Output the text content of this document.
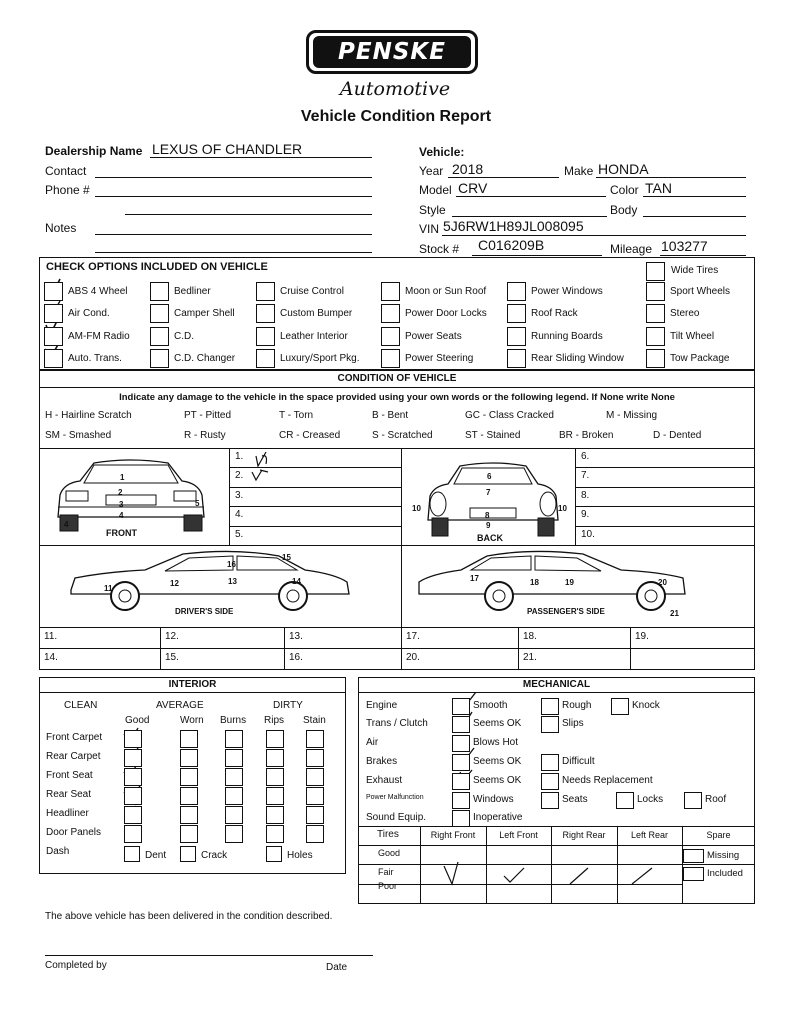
PENSKE
Automotive
Vehicle Condition Report
Dealership Name LEXUS OF CHANDLER
Contact
Phone #
Notes
Vehicle:
Year 2018	Make HONDA
Model CRV	Color TAN
Style	Body
VIN 5J6RW1H89JL008095
Stock # C016209B	Mileage 103277
CHECK OPTIONS INCLUDED ON VEHICLE	Wide Tires
CONDITION OF VEHICLE
Indicate any damage to the vehicle in the space provided using your own words or the following legend. If None write None
FRONT	BACK
DRIVER'S SIDE	PASSENGER'S SIDE
INTERIOR
CLEAN	AVERAGE	DIRTY
MECHANICAL
The above vehicle has been delivered in the condition described.
Completed by	Date
ABS 4 Wheel	Bedliner	Cruise Control	Moon or Sun Roof	Power Windows	Sport Wheels
Air Cond.	Camper Shell	Custom Bumper	Power Door Locks	Roof Rack	Stereo
AM-FM Radio	C.D.	Leather Interior	Power Seats	Running Boards	Tilt Wheel
Auto. Trans.	C.D. Changer	Luxury/Sport Pkg.	Power Steering	Rear Sliding Window	Tow Package
H - Hairline Scratch	PT - Pitted	T - Torn	B - Bent	GC - Class Cracked	M - Missing
SM - Smashed	R - Rusty	CR - Creased	S - Scratched	ST - Stained	BR - Broken	D - Dented
1.
2.
3.
4.
5.
6.
7.
8.
9.
10.
11.	12.	13.	17.	18.	19.
14.	15.	16.	20.	21.
1
2
3
4
5
4
6
7
8
9
10	10
11
12	13	14
15
16
17	18	19	20
21
Good	Worn Burns Rips Stain
Front Carpet
Rear Carpet
Front Seat
Rear Seat
Headliner
Door Panels
Dash	Dent	Crack	Holes
Engine	Smooth	Rough	Knock
Trans / Clutch	Seems OK	Slips
Air	Blows Hot
Brakes	Seems OK	Difficult
Exhaust	Seems OK	Needs Replacement
Power Malfunction	Windows	Seats	Locks	Roof
Sound Equip.	Inoperative
Tires	Right Front	Left Front	Right Rear	Left Rear	Spare
Good
Fair
Poor
Missing
Included
